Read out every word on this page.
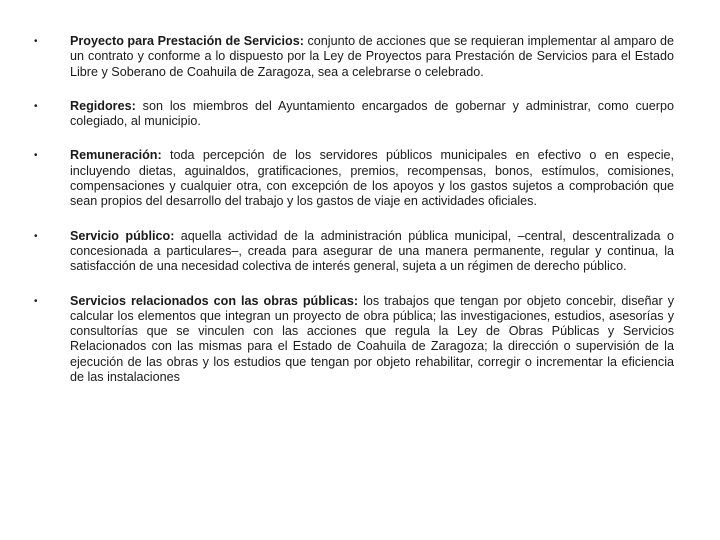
•	Proyecto para Prestación de Servicios: conjunto de acciones que se requieran implementar al amparo de un contrato y conforme a lo dispuesto por la Ley de Proyectos para Prestación de Servicios para el Estado Libre y Soberano de Coahuila de Zaragoza, sea a celebrarse o celebrado.
•	Regidores: son los miembros del Ayuntamiento encargados de gobernar y administrar, como cuerpo colegiado, al municipio.
•	Remuneración: toda percepción de los servidores públicos municipales en efectivo o en especie, incluyendo dietas, aguinaldos, gratificaciones, premios, recompensas, bonos, estímulos, comisiones, compensaciones y cualquier otra, con excepción de los apoyos y los gastos sujetos a comprobación que sean propios del desarrollo del trabajo y los gastos de viaje en actividades oficiales.
•	Servicio público: aquella actividad de la administración pública municipal, –central, descentralizada o concesionada a particulares–, creada para asegurar de una manera permanente, regular y continua, la satisfacción de una necesidad colectiva de interés general, sujeta a un régimen de derecho público.
•	Servicios relacionados con las obras públicas: los trabajos que tengan por objeto concebir, diseñar y calcular los elementos que integran un proyecto de obra pública; las investigaciones, estudios, asesorías y consultorías que se vinculen con las acciones que regula la Ley de Obras Públicas y Servicios Relacionados con las mismas para el Estado de Coahuila de Zaragoza; la dirección o supervisión de la ejecución de las obras y los estudios que tengan por objeto rehabilitar, corregir o incrementar la eficiencia de las instalaciones
